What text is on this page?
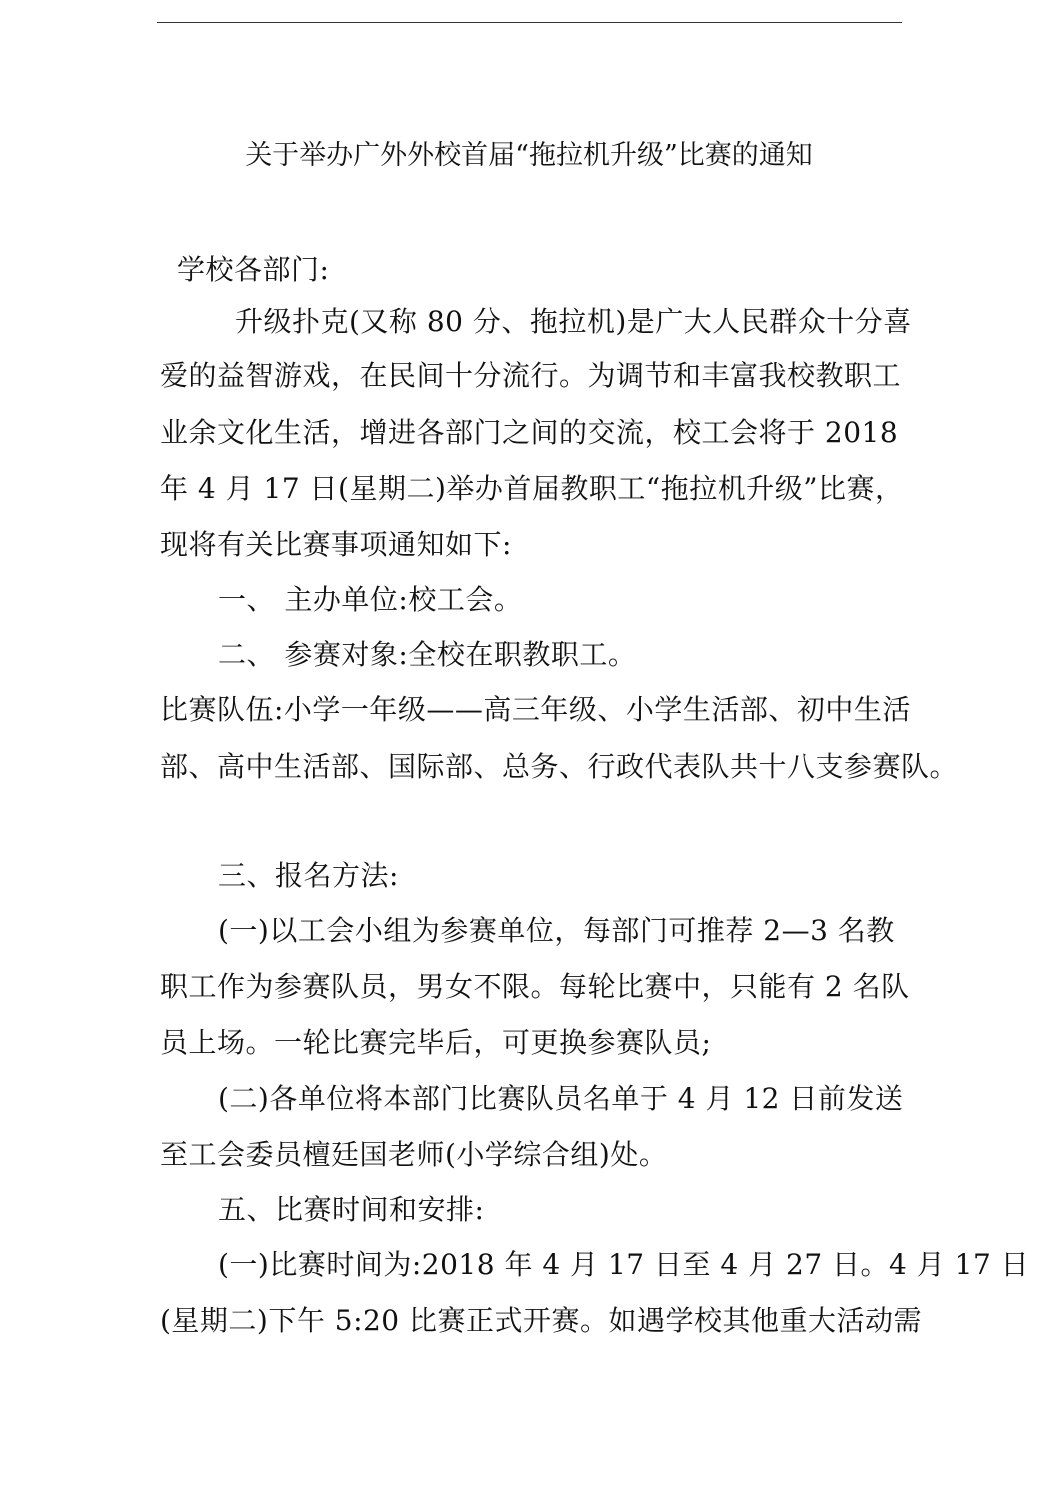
关于举办广外外校首届“拖拉机升级”比赛的通知
学校各部门:
升级扑克(又称 80 分、拖拉机)是广大人民群众十分喜
爱的益智游戏，在民间十分流行。为调节和丰富我校教职工
业余文化生活，增进各部门之间的交流，校工会将于 2018
年 4 月 17 日(星期二)举办首届教职工“拖拉机升级”比赛，
现将有关比赛事项通知如下:
一、 主办单位:校工会。
二、 参赛对象:全校在职教职工。
比赛队伍:小学一年级——高三年级、小学生活部、初中生活
部、高中生活部、国际部、总务、行政代表队共十八支参赛队。
三、报名方法:
(一)以工会小组为参赛单位，每部门可推荐 2—3 名教
职工作为参赛队员，男女不限。每轮比赛中，只能有 2 名队
员上场。一轮比赛完毕后，可更换参赛队员;
(二)各单位将本部门比赛队员名单于 4 月 12 日前发送
至工会委员檀廷国老师(小学综合组)处。
五、比赛时间和安排:
(一)比赛时间为:2018 年 4 月 17 日至 4 月 27 日。4 月 17 日
(星期二)下午 5:20 比赛正式开赛。如遇学校其他重大活动需
